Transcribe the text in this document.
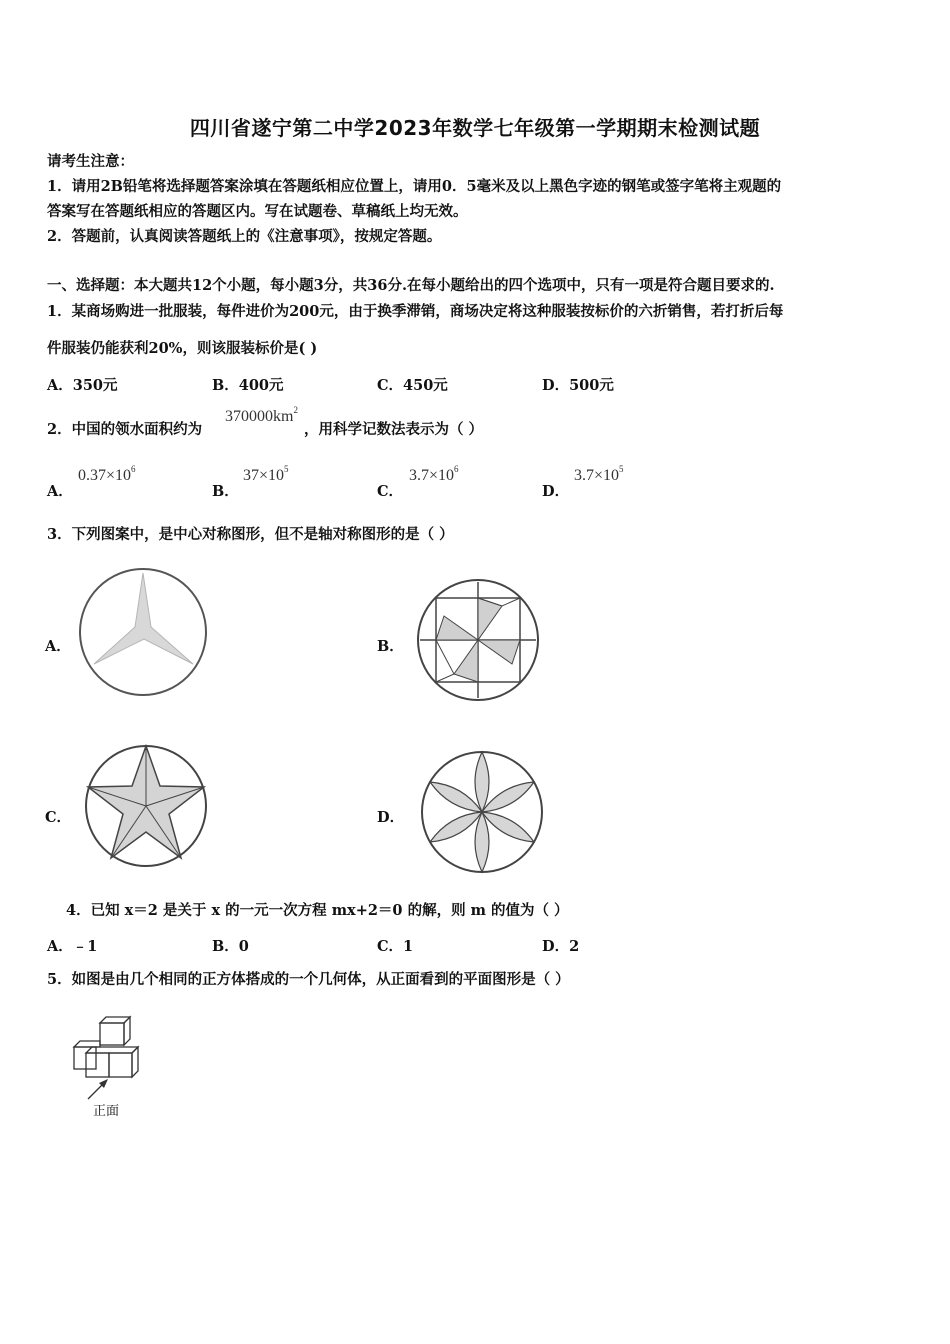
四川省遂宁第二中学2023年数学七年级第一学期期末检测试题
请考生注意：
1．请用2B铅笔将选择题答案涂填在答题纸相应位置上，请用0．5毫米及以上黑色字迹的钢笔或签字笔将主观题的
答案写在答题纸相应的答题区内。写在试题卷、草稿纸上均无效。
2．答题前，认真阅读答题纸上的《注意事项》，按规定答题。
一、选择题：本大题共12个小题，每小题3分，共36分.在每小题给出的四个选项中，只有一项是符合题目要求的.
1．某商场购进一批服装，每件进价为200元，由于换季滞销，商场决定将这种服装按标价的六折销售，若打折后每
件服装仍能获利20%，则该服装标价是( )
A．350元	B．400元	C．450元	D．500元
2．中国的领水面积约为
$370000km^2$
，用科学记数法表示为（ ）
A．
$0.37\times 10^6$
B．
$37\times 10^5$
C．
$3.7\times 10^6$
D．
$3.7\times 10^5$
3．下列图案中，是中心对称图形，但不是轴对称图形的是（ ）
A．	B．
C．	D．
4．已知 x＝2 是关于 x 的一元一次方程 mx+2＝0 的解，则 m 的值为（ ）
A．﹣1	B．0	C．1	D．2
5．如图是由几个相同的正方体搭成的一个几何体，从正面看到的平面图形是（ ）
正面
